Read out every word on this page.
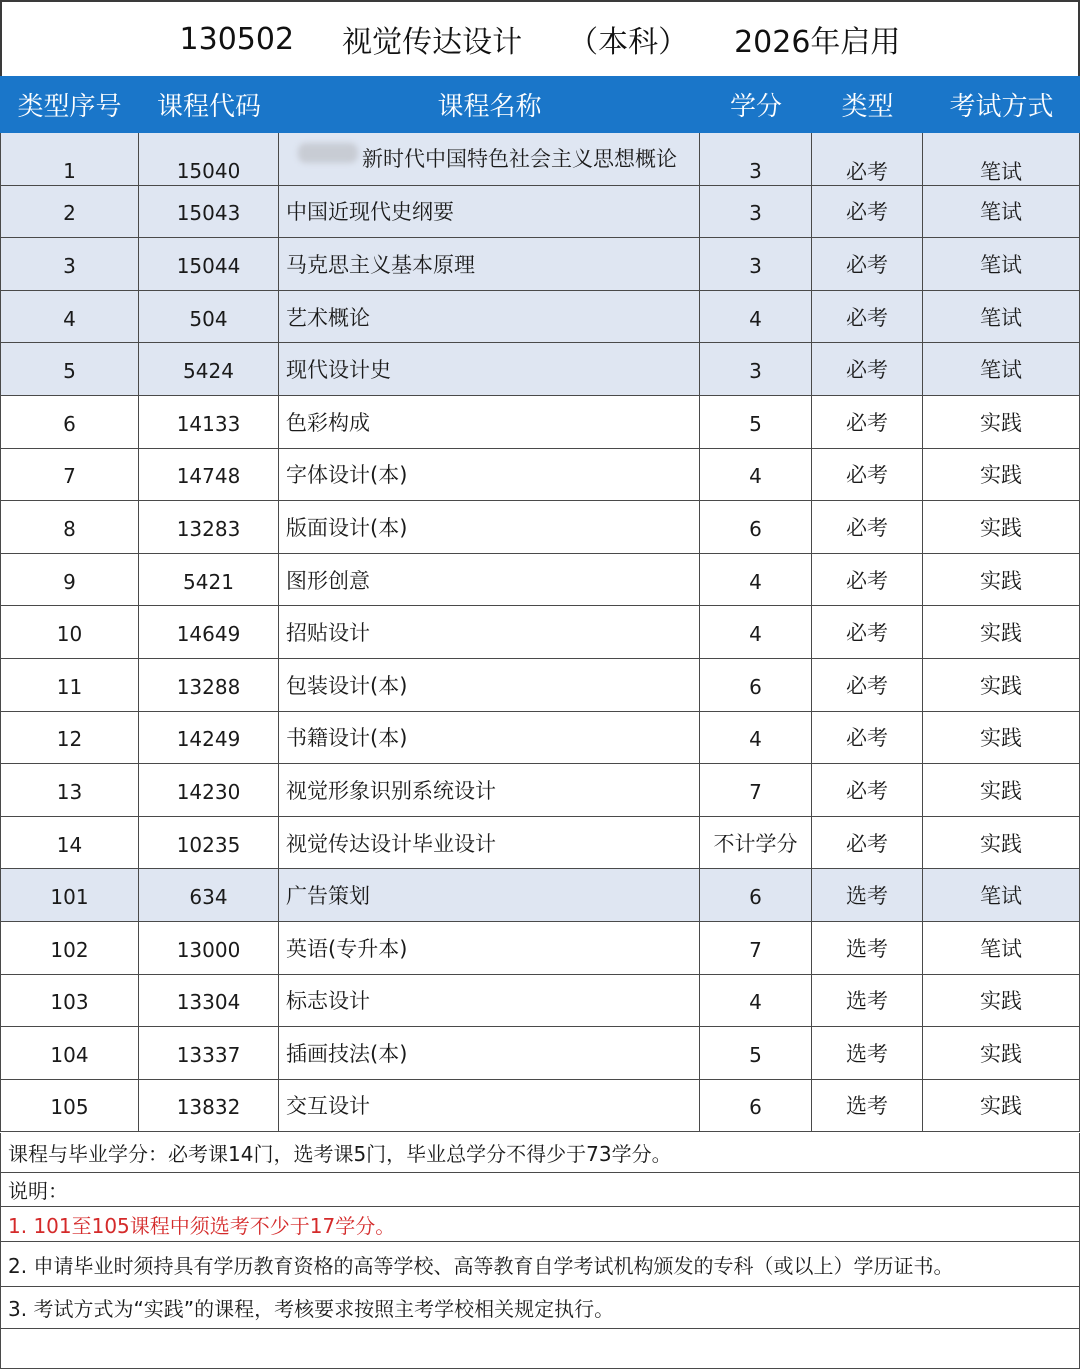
130502 视觉传达设计 （本科） 2026年启用
类型序号	课程代码	课程名称	学分	类型	考试方式
1	15040	新时代中国特色社会主义思想概论	3	必考	笔试
2	15043	中国近现代史纲要	3	必考	笔试
3	15044	马克思主义基本原理	3	必考	笔试
4	504	艺术概论	4	必考	笔试
5	5424	现代设计史	3	必考	笔试
6	14133	色彩构成	5	必考	实践
7	14748	字体设计(本)	4	必考	实践
8	13283	版面设计(本)	6	必考	实践
9	5421	图形创意	4	必考	实践
10	14649	招贴设计	4	必考	实践
11	13288	包装设计(本)	6	必考	实践
12	14249	书籍设计(本)	4	必考	实践
13	14230	视觉形象识别系统设计	7	必考	实践
14	10235	视觉传达设计毕业设计	不计学分	必考	实践
101	634	广告策划	6	选考	笔试
102	13000	英语(专升本)	7	选考	笔试
103	13304	标志设计	4	选考	实践
104	13337	插画技法(本)	5	选考	实践
105	13832	交互设计	6	选考	实践
课程与毕业学分：必考课14门，选考课5门，毕业总学分不得少于73学分。
说明：
1. 101至105课程中须选考不少于17学分。
2. 申请毕业时须持具有学历教育资格的高等学校、高等教育自学考试机构颁发的专科（或以上）学历证书。
3. 考试方式为“实践”的课程，考核要求按照主考学校相关规定执行。
